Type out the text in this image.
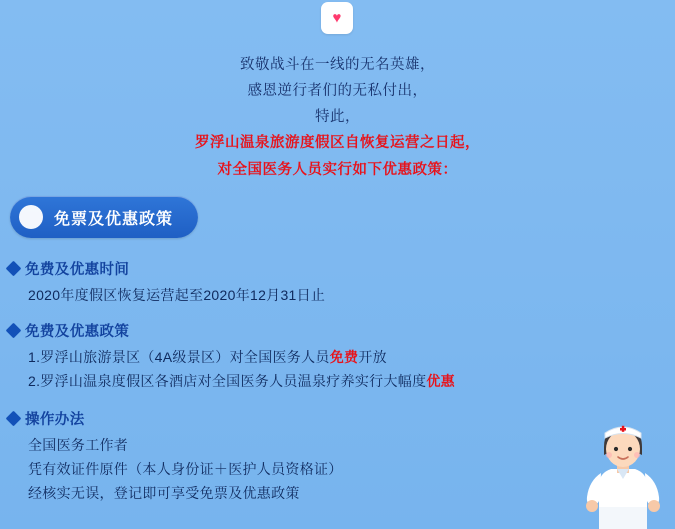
♥
致敬战斗在一线的无名英雄，
感恩逆行者们的无私付出，
特此，
罗浮山温泉旅游度假区自恢复运营之日起，
对全国医务人员实行如下优惠政策：
免票及优惠政策
免费及优惠时间
2020年度假区恢复运营起至2020年12月31日止
免费及优惠政策
1.罗浮山旅游景区（4A级景区）对全国医务人员免费开放
2.罗浮山温泉度假区各酒店对全国医务人员温泉疗养实行大幅度优惠
操作办法
全国医务工作者
凭有效证件原件（本人身份证＋医护人员资格证）
经核实无误，登记即可享受免票及优惠政策
